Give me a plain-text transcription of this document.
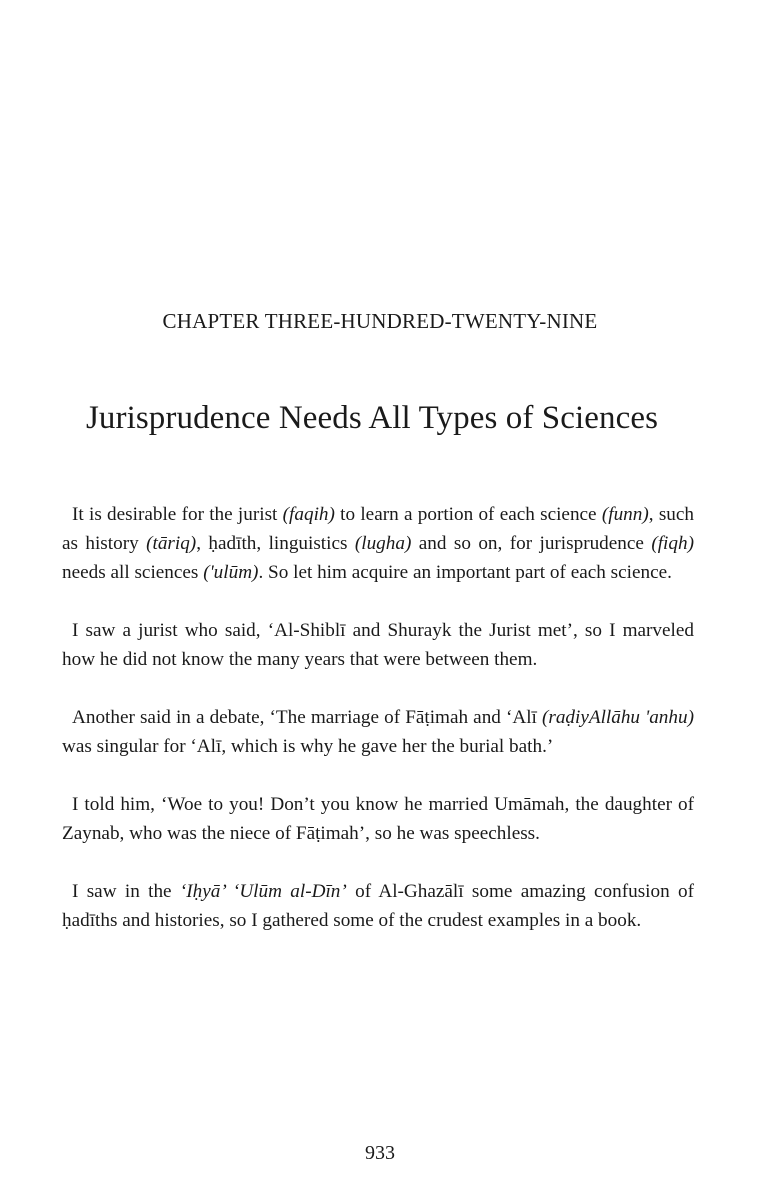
CHAPTER THREE-HUNDRED-TWENTY-NINE
Jurisprudence Needs All Types of Sciences

It is desirable for the jurist (faqih) to learn a portion of each science (funn), such as history (tāriq), ḥadīth, linguistics (lugha) and so on, for jurisprudence (fiqh) needs all sciences ('ulūm). So let him acquire an important part of each science.

I saw a jurist who said, ‘Al-Shiblī and Shurayk the Jurist met’, so I marveled how he did not know the many years that were between them.

Another said in a debate, ‘The marriage of Fāṭimah and ‘Alī (raḍiyAllāhu 'anhu) was singular for ‘Alī, which is why he gave her the burial bath.’

I told him, ‘Woe to you! Don’t you know he married Umāmah, the daughter of Zaynab, who was the niece of Fāṭimah’, so he was speechless.

I saw in the ‘Iḥyā’ ‘Ulūm al-Dīn’ of Al-Ghazālī some amazing confusion of ḥadīths and histories, so I gathered some of the crudest examples in a book.

933
